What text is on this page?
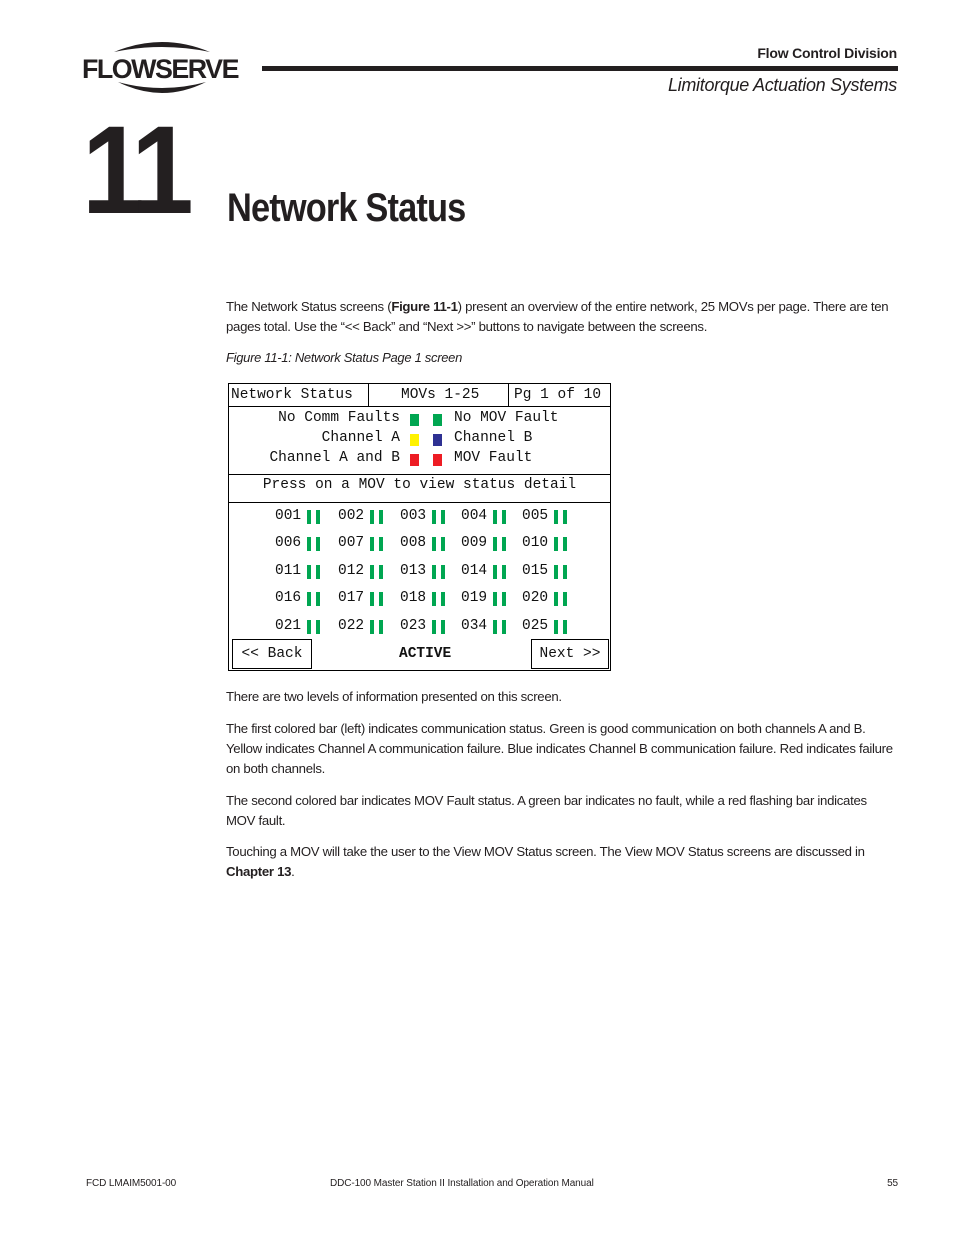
FLOWSERVE
Flow Control Division
Limitorque Actuation Systems
11 Network Status
The Network Status screens (Figure 11-1) present an overview of the entire network, 25 MOVs per page. There are ten pages total. Use the “<< Back” and “Next >>” buttons to navigate between the screens.
Figure 11-1: Network Status Page 1 screen
Network Status	MOVs 1-25 Pg 1 of 10
No Comm Faults	No MOV Fault
Channel A	Channel B
Channel A and B	MOV Fault
Press on a MOV to view status detail
001	002 003 004 005
006	007 008 009 010
011	012 013 014 015
016	017 018 019 020
021	022 023 034 025
<< Back	ACTIVE	Next >>
There are two levels of information presented on this screen.
The first colored bar (left) indicates communication status. Green is good communication on both channels A and B. Yellow indicates Channel A communication failure. Blue indicates Channel B communication failure. Red indicates failure on both channels.
The second colored bar indicates MOV Fault status. A green bar indicates no fault, while a red flashing bar indicates MOV fault.
Touching a MOV will take the user to the View MOV Status screen. The View MOV Status screens are discussed in Chapter 13.
FCD LMAIM5001-00	DDC-100 Master Station II Installation and Operation Manual	55
